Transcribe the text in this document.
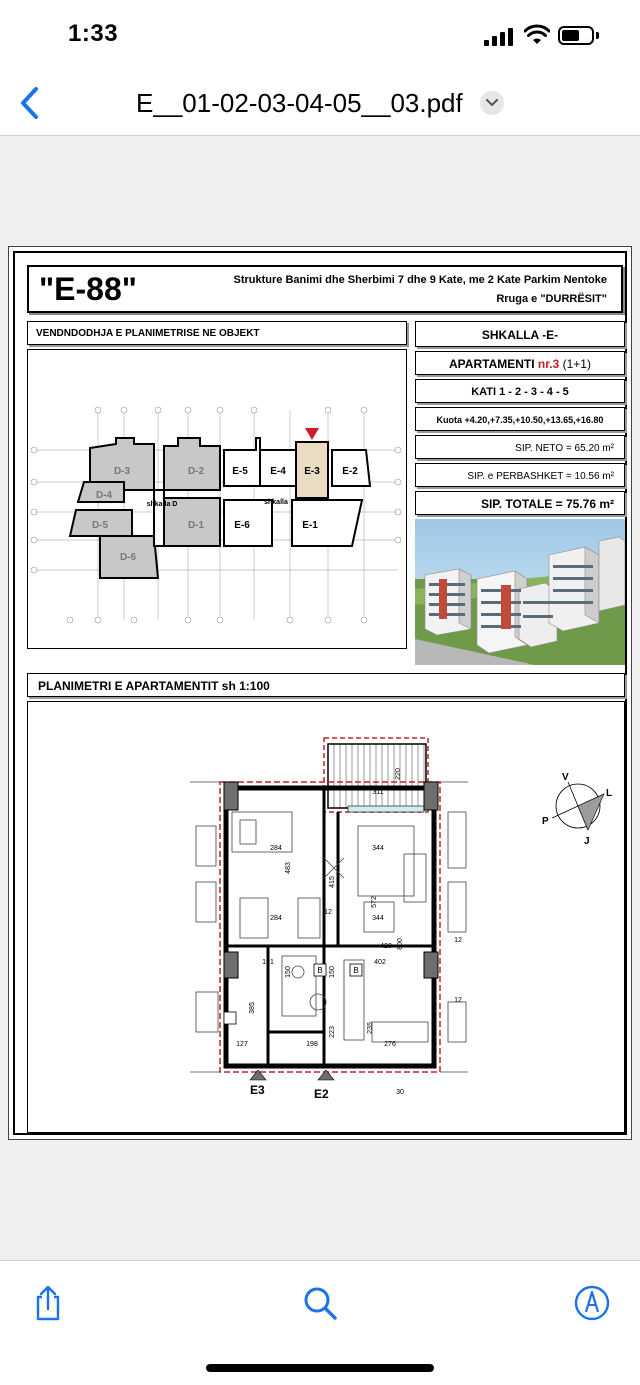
1:33
E__01-02-03-04-05__03.pdf
"E-88"	Strukture Banimi dhe Sherbimi 7 dhe 9 Kate, me 2 Kate Parkim Nentoke
Rruga e "DURRËSIT"
VENDNDODHJA E PLANIMETRISE NE OBJEKT
D-3	D-2
D-4
D-5	D-1
D-6
E-5 E-4 E-3 E-2
E-6	E-1
shkalla D	shkalla
SHKALLA -E-
APARTAMENTI nr.3 (1+1)
KATI 1 - 2 - 3 - 4 - 5
Kuota +4.20,+7.35,+10.50,+13.65,+16.80
SIP. NETO = 65.20 m²
SIP. e PERBASHKET = 10.56 m²
SIP. TOTALE = 75.76 m²
PLANIMETRI E APARTAMENTIT sh 1:100
B	B
311
220
284	344
483
415
572
284	344
420 800
191
150	150
402
385
223	235
127	198	276
12
12
12
30
E3	E2
V
L
P
J
